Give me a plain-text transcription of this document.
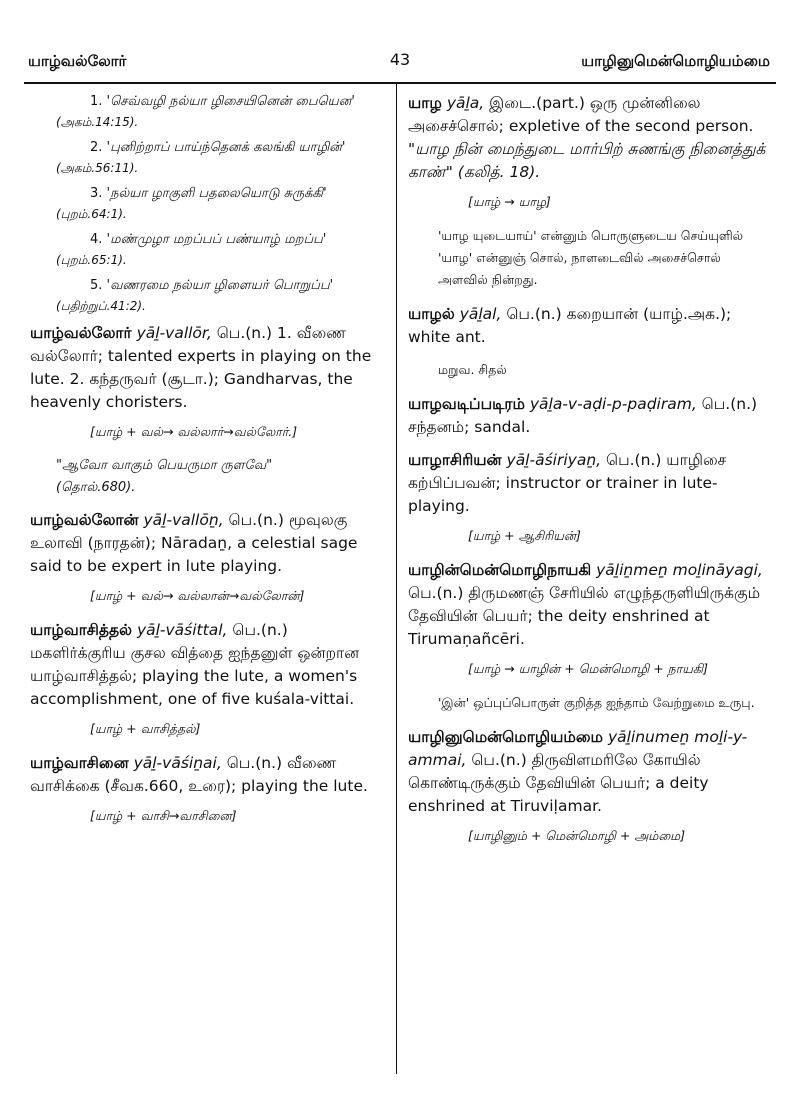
யாழ்வல்லோர்	43	யாழினுமென்மொழியம்மை

1. 'செவ்வழி நல்யா ழிசையினென் பையென'

(அகம்.14:15).

2. 'புனிற்றாப் பாய்ந்தெனக் கலங்கி யாழின்'

(அகம்.56:11).

3. 'நல்யா ழாகுளி பதலையொடு சுருக்கி'

(புறம்.64:1).

4. 'மண்முழா மறப்பப் பண்யாழ் மறப்ப'

(புறம்.65:1).

5. 'வணரமை நல்யா ழிளையர் பொறுப்ப'

(பதிற்றுப்.41:2).

யாழ்வல்லோர் yāḻ-vallōr, பெ.(n.) 1. வீணை வல்லோர்; talented experts in playing on the lute. 2. கந்தருவர் (சூடா.); Gandharvas, the heavenly choristers.

[யாழ் + வல்→ வல்லார்→வல்லோர்.]

"ஆவோ வாகும் பெயருமா ருளவே"
(தொல்.680).

யாழ்வல்லோன் yāḻ-vallōṉ, பெ.(n.) மூவுலகு உலாவி (நாரதன்); Nāradaṉ, a celestial sage said to be expert in lute playing.

[யாழ் + வல்→ வல்லான்→வல்லோன்]

யாழ்வாசித்தல் yāḻ-vāśittal, பெ.(n.) மகளிர்க்குரிய குசல வித்தை ஐந்தனுள் ஒன்றான யாழ்வாசித்தல்; playing the lute, a women's accomplishment, one of five kuśala-vittai.

[யாழ் + வாசித்தல்]

யாழ்வாசினை yāḻ-vāśiṉai, பெ.(n.) வீணை வாசிக்கை (சீவக.660, உரை); playing the lute.

[யாழ் + வாசி→வாசினை]

யாழ yāḻa, இடை.(part.) ஒரு முன்னிலை அசைச்சொல்; expletive of the second person. "யாழ நின் மைந்துடை மார்பிற் சுணங்கு நினைத்துக் காண்" (கலித். 18).

[யாழ் → யாழ]

'யாழ யுடையாய்' என்னும் பொருளுடைய செய்யுளில் 'யாழ' என்னுஞ் சொல், நாளடைவில் அசைச்சொல் அளவில் நின்றது.

யாழல் yāḻal, பெ.(n.) கறையான் (யாழ்.அக.); white ant.

மறுவ. சிதல்

யாழவடிப்படிரம் yāḻa-v-aḍi-p-paḍiram, பெ.(n.) சந்தனம்; sandal.

யாழாசிரியன் yāḻ-āśiriyaṉ, பெ.(n.) யாழிசை கற்பிப்பவன்; instructor or trainer in lute-playing.

[யாழ் + ஆசிரியன்]

யாழின்மென்மொழிநாயகி yāḻiṉmeṉ moḻināyagi, பெ.(n.) திருமணஞ் சேரியில் எழுந்தருளியிருக்கும் தேவியின் பெயர்; the deity enshrined at Tirumaṇañcēri.

[யாழ் → யாழின் + மென்மொழி + நாயகி]

'இன்' ஒப்புப்பொருள் குறித்த ஐந்தாம் வேற்றுமை உருபு.

யாழினுமென்மொழியம்மை yāḻinumeṉ moḻi-y-ammai, பெ.(n.) திருவிளமரிலே கோயில் கொண்டிருக்கும் தேவியின் பெயர்; a deity enshrined at Tiruviḷamar.

[யாழினும் + மென்மொழி + அம்மை]
